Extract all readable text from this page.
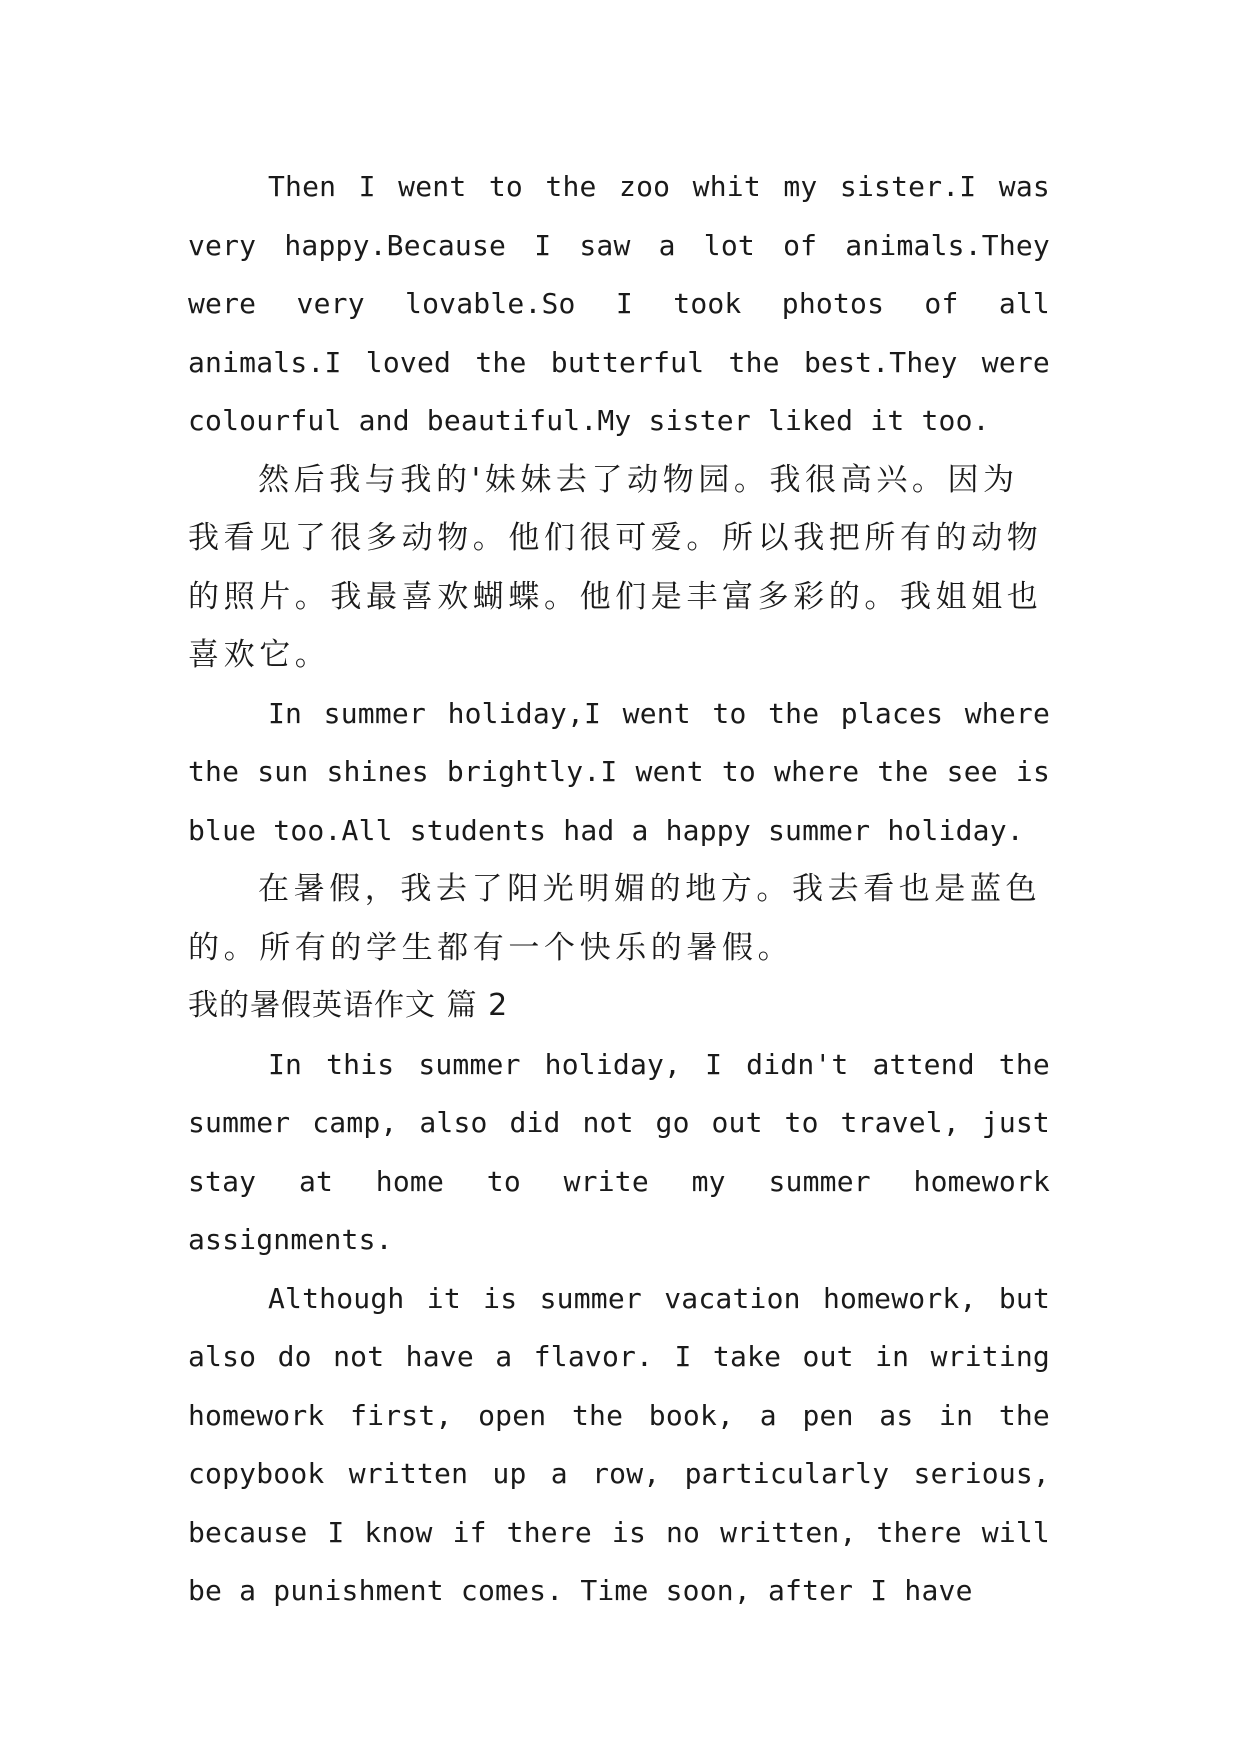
Then I went to the zoo whit my sister.I was very happy.Because I saw a lot of animals.They were very lovable.So I took photos of all animals.I loved the butterful the best.They were colourful and beautiful.My sister liked it too.

然后我与我的'妹妹去了动物园。我很高兴。因为我看见了很多动物。他们很可爱。所以我把所有的动物的照片。我最喜欢蝴蝶。他们是丰富多彩的。我姐姐也喜欢它。

In summer holiday,I went to the places where the sun shines brightly.I went to where the see is blue too.All students had a happy summer holiday.

在暑假，我去了阳光明媚的地方。我去看也是蓝色的。所有的学生都有一个快乐的暑假。

我的暑假英语作文 篇 2

In this summer holiday, I didn't attend the summer camp, also did not go out to travel, just stay at home to write my summer homework assignments.

Although it is summer vacation homework, but also do not have a flavor. I take out in writing homework first, open the book, a pen as in the copybook written up a row, particularly serious, because I know if there is no written, there will be a punishment comes. Time soon, after I have
